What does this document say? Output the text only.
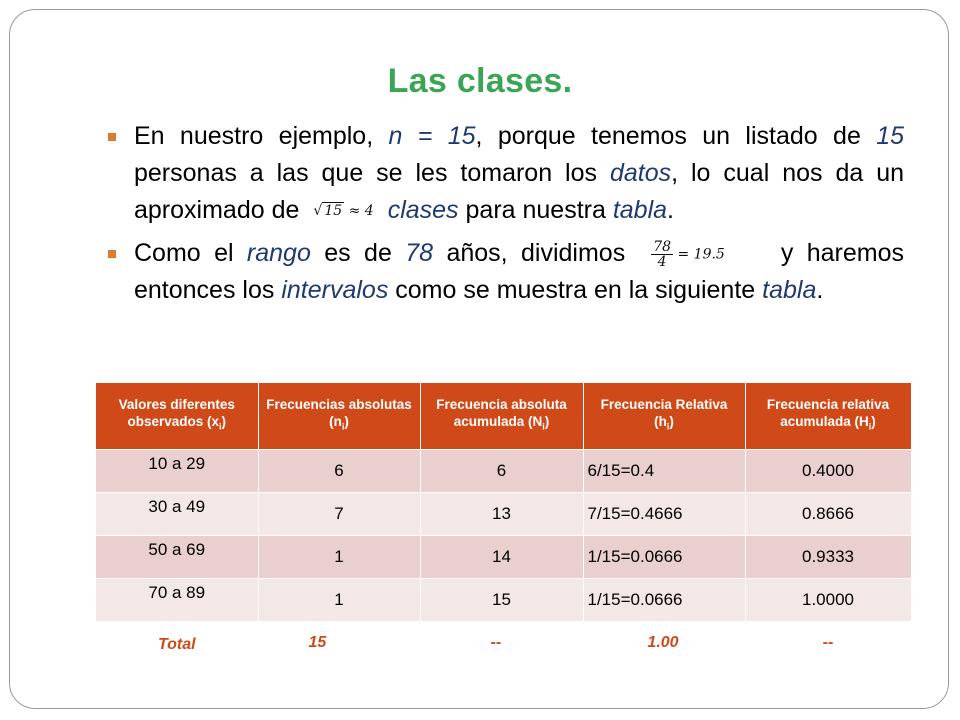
Las clases.
En nuestro ejemplo, n = 15, porque tenemos un listado de 15 personas a las que se les tomaron los datos, lo cual nos da un aproximado de √ 15 ≈ 4 clases para nuestra tabla.
Como el rango es de 78 años, dividimos $\frac{78}{4} = 19.5$ y haremos entonces los intervalos como se muestra en la siguiente tabla.
Valores diferentes observados $(x_i)$	Frecuencias absolutas $(n_i)$	Frecuencia absoluta acumulada $(N_i)$	Frecuencia Relativa $(h_i)$	Frecuencia relativa acumulada $(H_i)$
10 a 29	6	6	6/15=0.4	0.4000
30 a 49	7	13	7/15=0.4666	0.8666
50 a 69	1	14	1/15=0.0666	0.9333
70 a 89	1	15	1/15=0.0666	1.0000
Total	15	--	1.00	--
